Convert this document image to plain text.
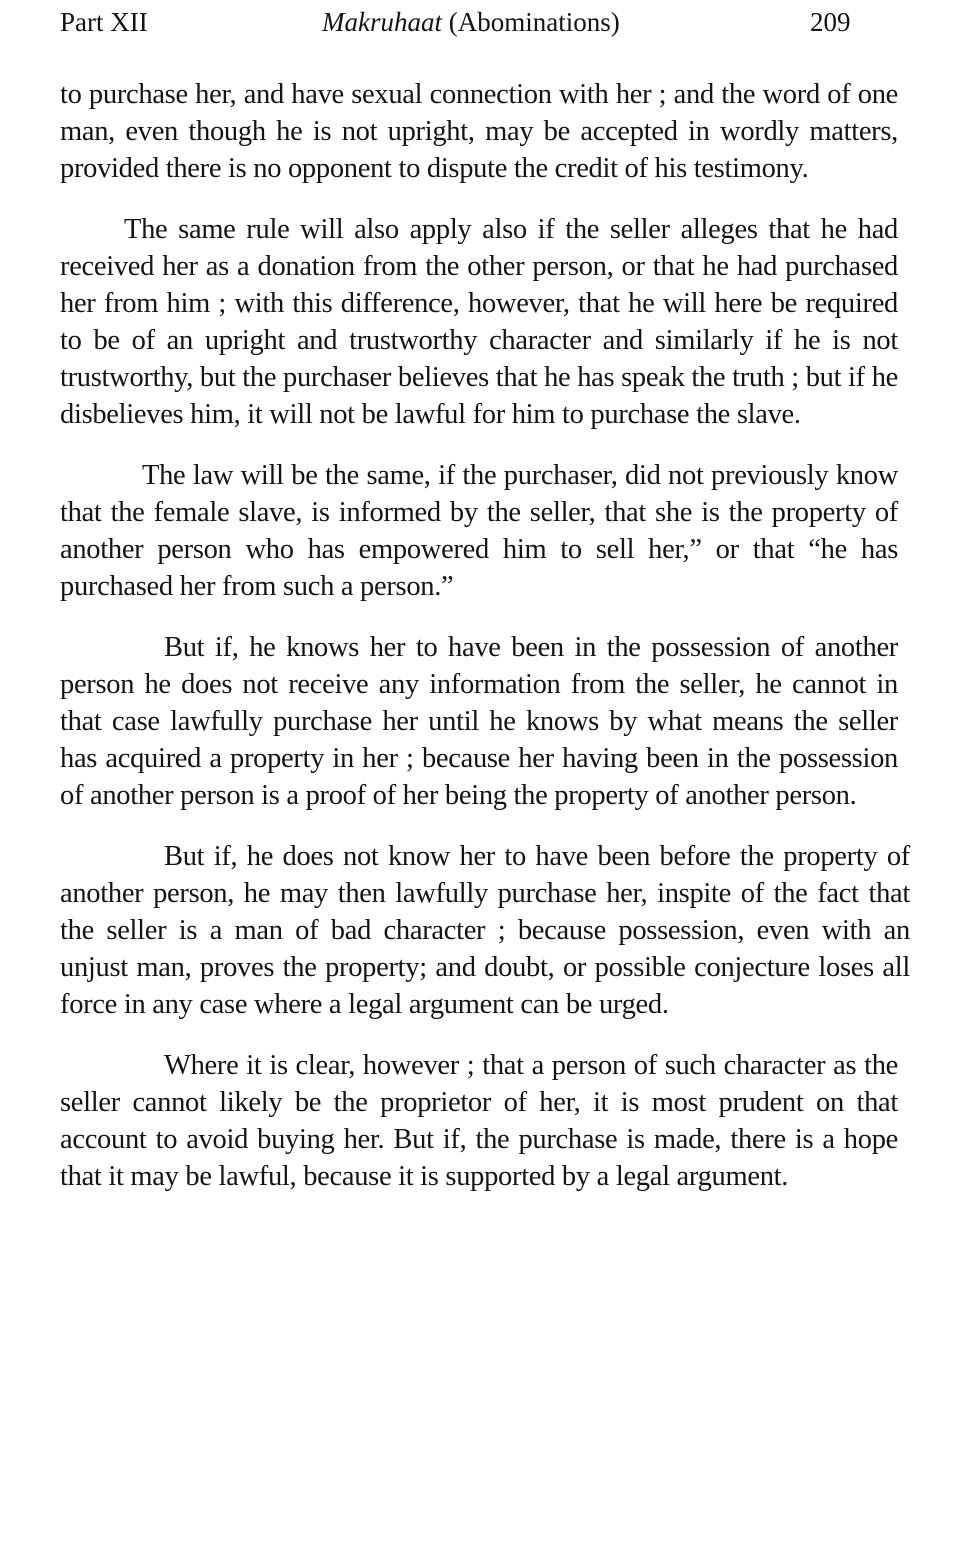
Part XII	Makruhaat (Abominations)	209

to purchase her, and have sexual connection with her ; and the word of one man, even though he is not upright, may be accepted in wordly matters, provided there is no opponent to dispute the credit of his testimony.

The same rule will also apply also if the seller alleges that he had received her as a donation from the other person, or that he had purchased her from him ; with this difference, however, that he will here be required to be of an upright and trustworthy character and similarly if he is not trustworthy, but the purchaser believes that he has speak the truth ; but if he disbelieves him, it will not be lawful for him to purchase the slave.

The law will be the same, if the purchaser, did not previously know that the female slave, is informed by the seller, that she is the property of another person who has empowered him to sell her,” or that “he has purchased her from such a person.”

But if, he knows her to have been in the possession of another person he does not receive any information from the seller, he cannot in that case lawfully purchase her until he knows by what means the seller has acquired a property in her ; because her having been in the possession of another person is a proof of her being the property of another person.

But if, he does not know her to have been before the property of another person, he may then lawfully purchase her, inspite of the fact that the seller is a man of bad character ; because possession, even with an unjust man, proves the property; and doubt, or possible conjecture loses all force in any case where a legal argument can be urged.

Where it is clear, however ; that a person of such character as the seller cannot likely be the proprietor of her, it is most prudent on that account to avoid buying her. But if, the purchase is made, there is a hope that it may be lawful, because it is supported by a legal argument.
